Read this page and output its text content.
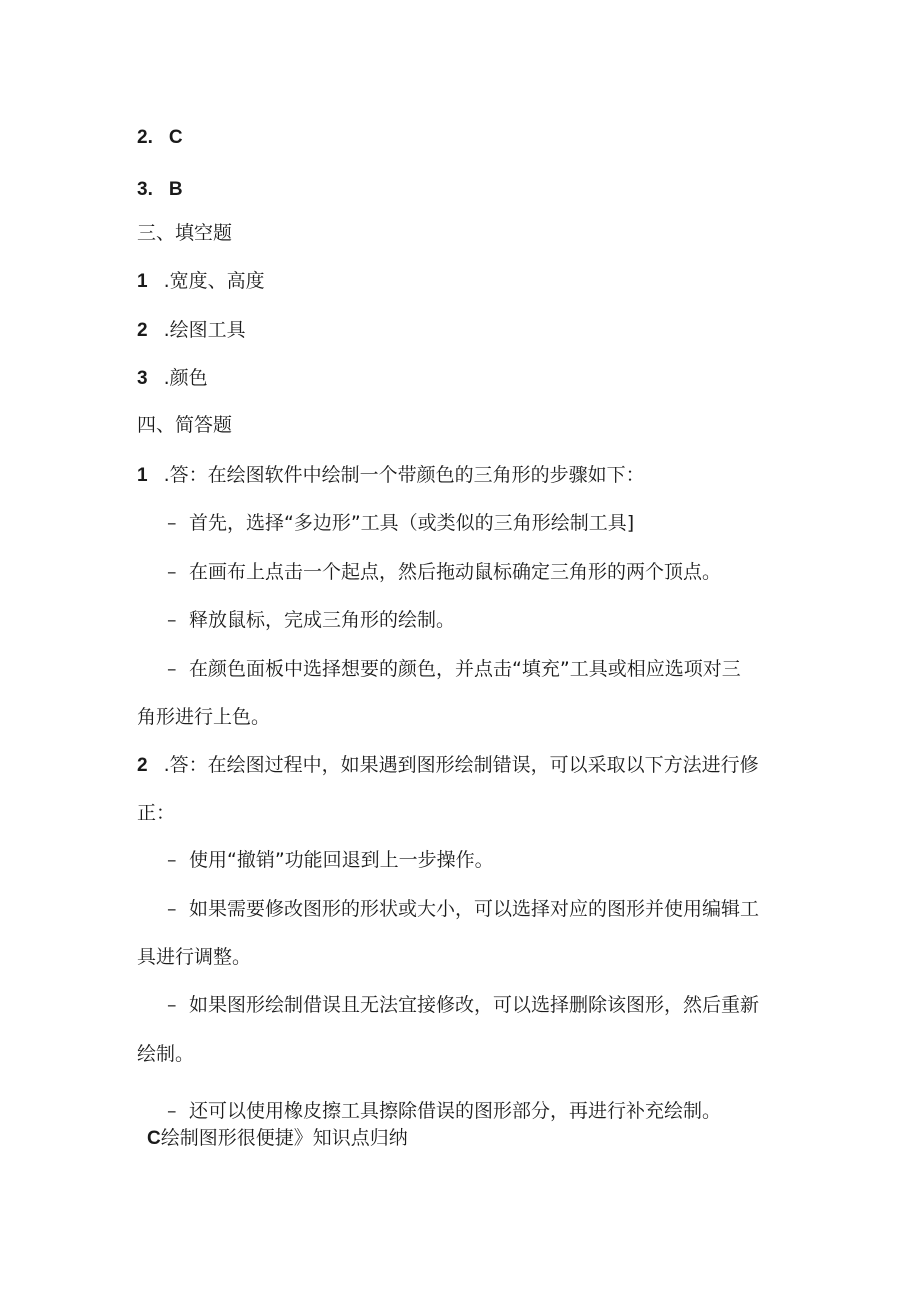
2. C
3. B
三、填空题
1 .宽度、高度
2 .绘图工具
3 .颜色
四、简答题
1 .答：在绘图软件中绘制一个带颜色的三角形的步骤如下：
– 首先，选择“多边形”工具（或类似的三角形绘制工具]
– 在画布上点击一个起点，然后拖动鼠标确定三角形的两个顶点。
– 释放鼠标，完成三角形的绘制。
– 在颜色面板中选择想要的颜色，并点击“填充”工具或相应选项对三
角形进行上色。
2 .答：在绘图过程中，如果遇到图形绘制错误，可以采取以下方法进行修
正：
– 使用“撤销”功能回退到上一步操作。
– 如果需要修改图形的形状或大小，可以选择对应的图形并使用编辑工
具进行调整。
– 如果图形绘制借误且无法宜接修改，可以选择删除该图形，然后重新
绘制。
– 还可以使用橡皮擦工具擦除借误的图形部分，再进行补充绘制。
C绘制图形很便捷》知识点归纳
